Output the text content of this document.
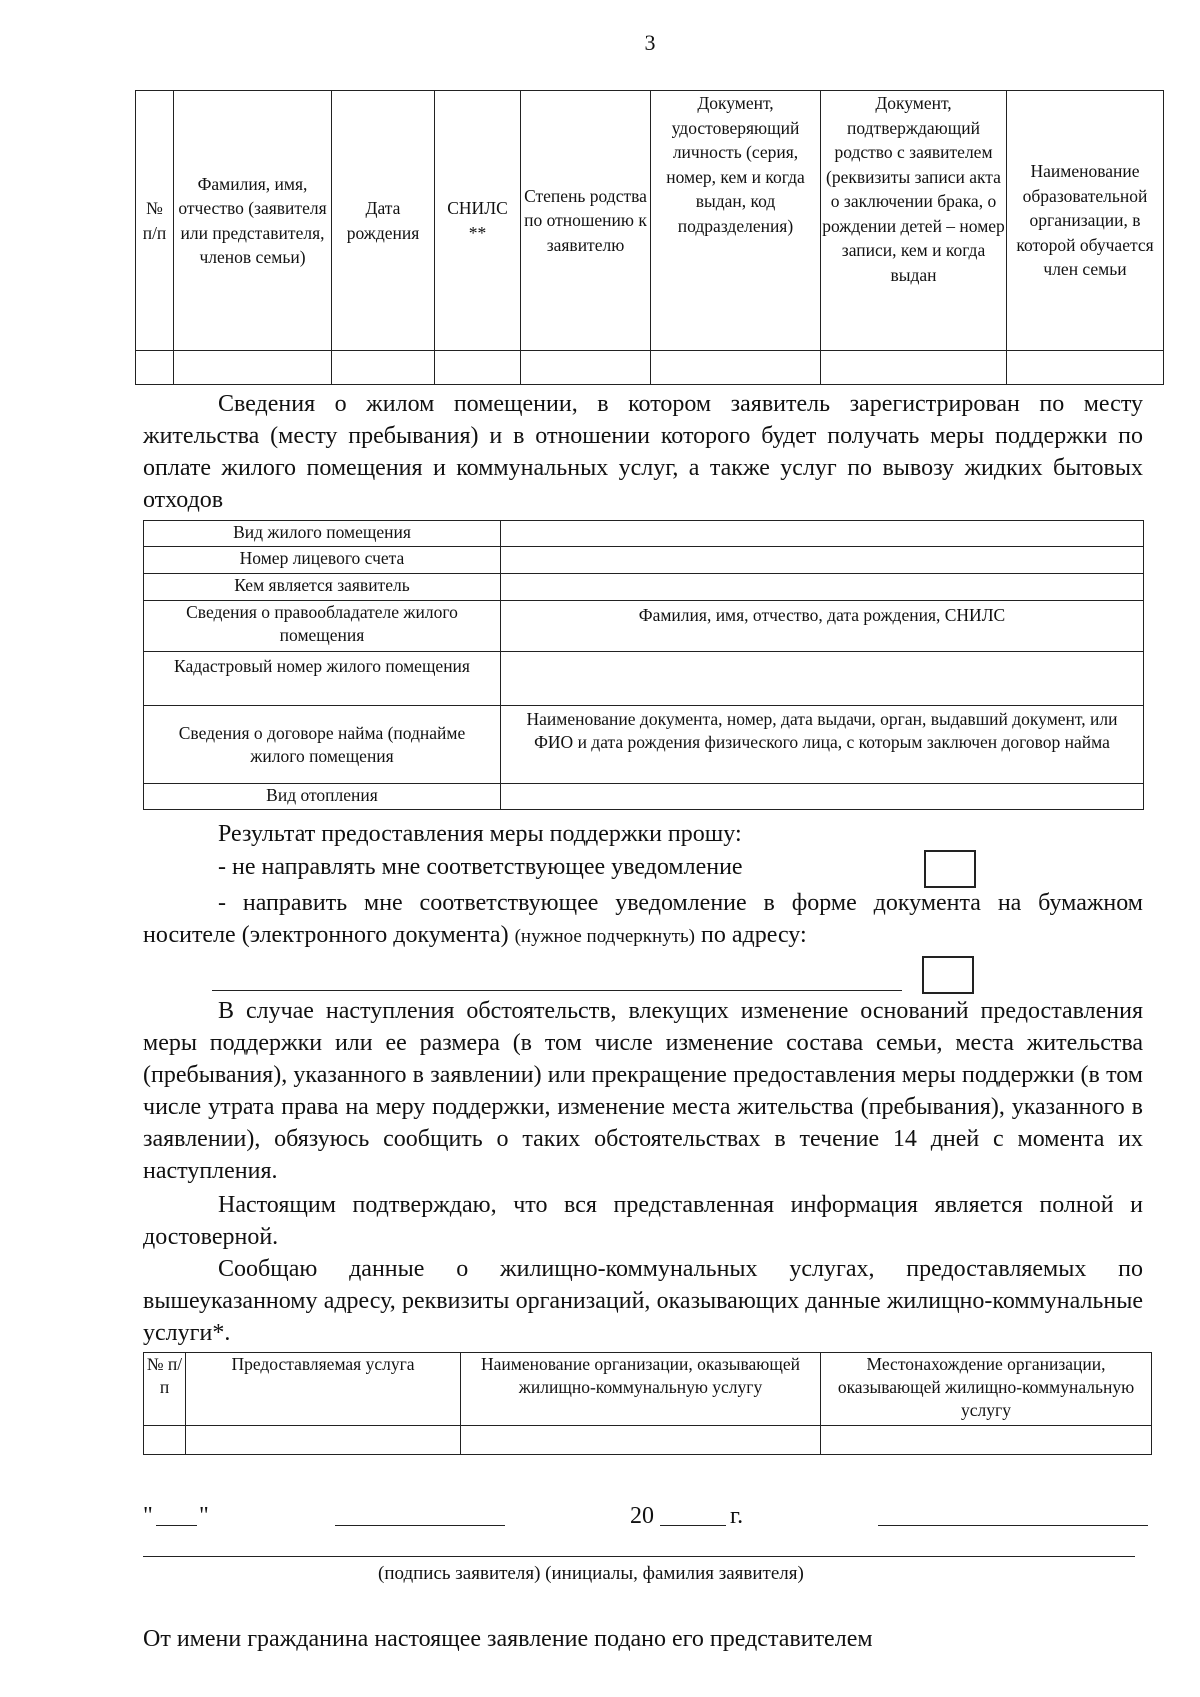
3
№ п/п	Фамилия, имя, отчество (заявителя или представителя, членов семьи)	Дата рождения	СНИЛС **	Степень родства по отношению к заявителю	Документ, удостоверяющий личность (серия, номер, кем и когда выдан, код подразделения)	Документ, подтверждающий родство с заявителем (реквизиты записи акта о заключении брака, о рождении детей – номер записи, кем и когда выдан	Наименование образовательной организации, в которой обучается член семьи

Сведения о жилом помещении, в котором заявитель зарегистрирован по месту жительства (месту пребывания) и в отношении которого будет получать меры поддержки по оплате жилого помещения и коммунальных услуг, а также услуг по вывозу жидких бытовых отходов
Вид жилого помещения	
Номер лицевого счета	
Кем является заявитель	
Сведения о правообладателе жилого помещения	Фамилия, имя, отчество, дата рождения, СНИЛС
Кадастровый номер жилого помещения	
Сведения о договоре найма (поднайме жилого помещения	Наименование документа, номер, дата выдачи, орган, выдавший документ, или ФИО и дата рождения физического лица, с которым заключен договор найма
Вид отопления	
Результат предоставления меры поддержки прошу:
- не направлять мне соответствующее уведомление
- направить мне соответствующее уведомление в форме документа на бумажном носителе (электронного документа) (нужное подчеркнуть) по адресу:
В случае наступления обстоятельств, влекущих изменение оснований предоставления меры поддержки или ее размера (в том числе изменение состава семьи, места жительства (пребывания), указанного в заявлении) или прекращение предоставления меры поддержки (в том числе утрата права на меру поддержки, изменение места жительства (пребывания), указанного в заявлении), обязуюсь сообщить о таких обстоятельствах в течение 14 дней с момента их наступления.
Настоящим подтверждаю, что вся представленная информация является полной и достоверной.
Сообщаю данные о жилищно-коммунальных услугах, предоставляемых по вышеуказанному адресу, реквизиты организаций, оказывающих данные жилищно-коммунальные услуги*.
№ п/п	Предоставляемая услуга	Наименование организации, оказывающей жилищно-коммунальную услугу	Местонахождение организации, оказывающей жилищно-коммунальную услугу

" "	20	г.
(подпись заявителя) (инициалы, фамилия заявителя)
От имени гражданина настоящее заявление подано его представителем
